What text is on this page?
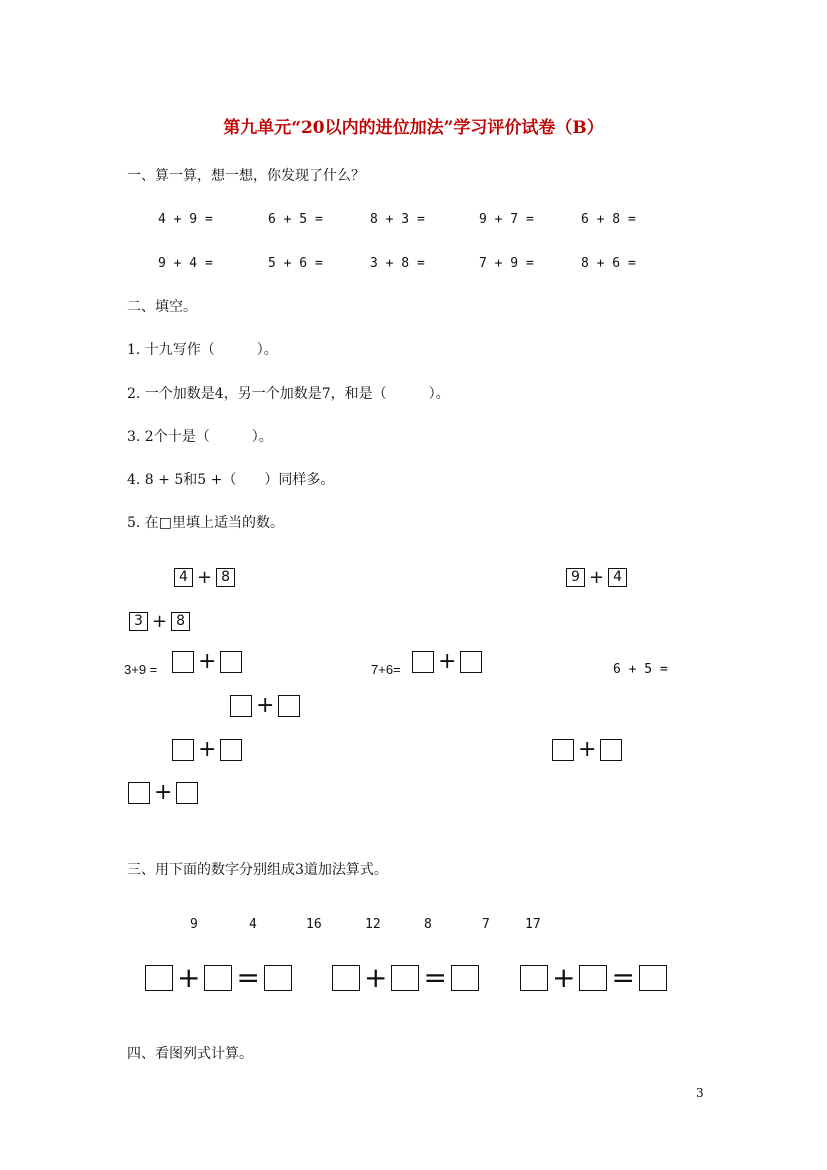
第九单元“20以内的进位加法”学习评价试卷（B）
一、算一算，想一想，你发现了什么？
4 + 9 =	6 + 5 =	8 + 3 =	9 + 7 =	6 + 8 =
9 + 4 =	5 + 6 =	3 + 8 =	7 + 9 =	8 + 6 =
二、填空。
1. 十九写作（　　　）。
2. 一个加数是4，另一个加数是7，和是（　　　）。
3. 2个十是（　　　）。
4. 8 + 5和5 +（　　）同样多。
5. 在□里填上适当的数。
4 + 8	9 + 4
3 + 8
3+9 =	+	7+6=	+	6 + 5 =
+
+	+
+
三、用下面的数字分别组成3道加法算式。
9	4	16	12	8	7	17
+ =	+ =	+ =
四、看图列式计算。
3
